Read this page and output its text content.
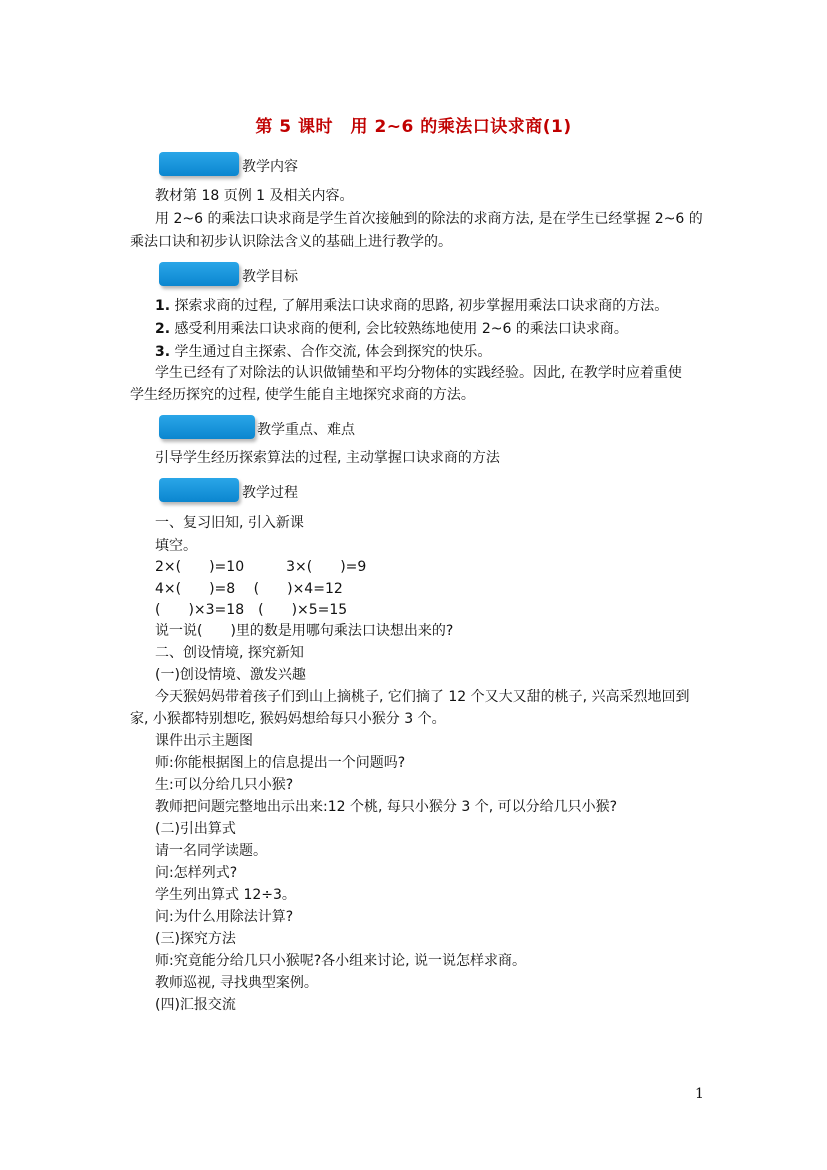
第 5 课时　用 2~6 的乘法口诀求商(1)
教学内容
教材第 18 页例 1 及相关内容。
用 2~6 的乘法口诀求商是学生首次接触到的除法的求商方法, 是在学生已经掌握 2~6 的
乘法口诀和初步认识除法含义的基础上进行教学的。
教学目标
1. 探索求商的过程, 了解用乘法口诀求商的思路, 初步掌握用乘法口诀求商的方法。
2. 感受利用乘法口诀求商的便利, 会比较熟练地使用 2~6 的乘法口诀求商。
3. 学生通过自主探索、合作交流, 体会到探究的快乐。
学生已经有了对除法的认识做铺垫和平均分物体的实践经验。因此, 在教学时应着重使
学生经历探究的过程, 使学生能自主地探究求商的方法。
教学重点、难点
引导学生经历探索算法的过程, 主动掌握口诀求商的方法
教学过程
一、复习旧知, 引入新课
填空。
2×(　　)=10　　　3×(　　)=9
4×(　　)=8　 (　　)×4=12
(　　)×3=18　(　　)×5=15
说一说(　　)里的数是用哪句乘法口诀想出来的?
二、创设情境, 探究新知
(一)创设情境、激发兴趣
今天猴妈妈带着孩子们到山上摘桃子, 它们摘了 12 个又大又甜的桃子, 兴高采烈地回到
家, 小猴都特别想吃, 猴妈妈想给每只小猴分 3 个。
课件出示主题图
师:你能根据图上的信息提出一个问题吗?
生:可以分给几只小猴?
教师把问题完整地出示出来:12 个桃, 每只小猴分 3 个, 可以分给几只小猴?
(二)引出算式
请一名同学读题。
问:怎样列式?
学生列出算式 12÷3。
问:为什么用除法计算?
(三)探究方法
师:究竟能分给几只小猴呢?各小组来讨论, 说一说怎样求商。
教师巡视, 寻找典型案例。
(四)汇报交流
1
